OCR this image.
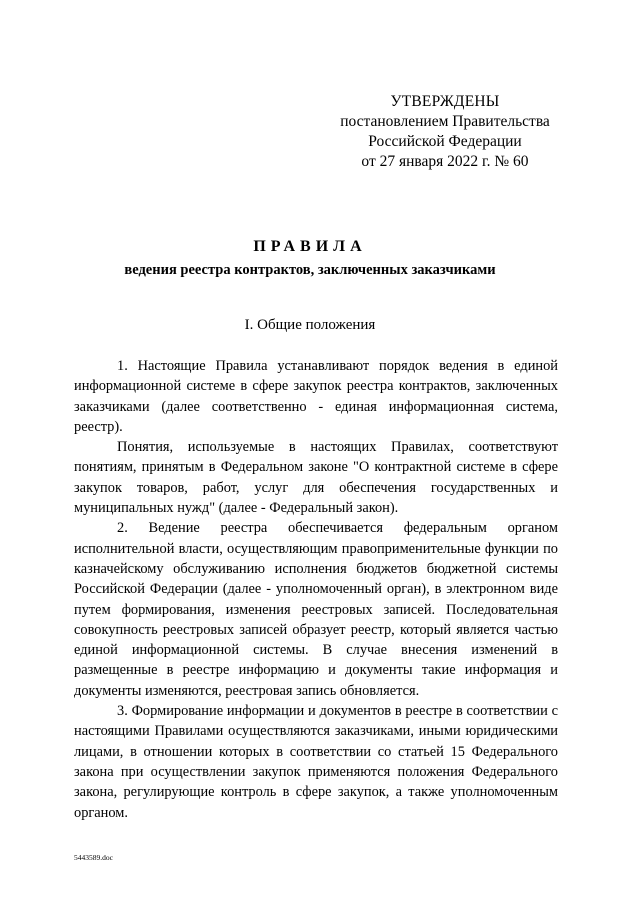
УТВЕРЖДЕНЫ
постановлением Правительства
Российской Федерации
от 27 января 2022 г. № 60
ПРАВИЛА
ведения реестра контрактов, заключенных заказчиками
I. Общие положения

1. Настоящие Правила устанавливают порядок ведения в единой информационной системе в сфере закупок реестра контрактов, заключенных заказчиками (далее соответственно - единая информационная система, реестр).

Понятия, используемые в настоящих Правилах, соответствуют понятиям, принятым в Федеральном законе "О контрактной системе в сфере закупок товаров, работ, услуг для обеспечения государственных и муниципальных нужд" (далее - Федеральный закон).

2. Ведение реестра обеспечивается федеральным органом исполнительной власти, осуществляющим правоприменительные функции по казначейскому обслуживанию исполнения бюджетов бюджетной системы Российской Федерации (далее - уполномоченный орган), в электронном виде путем формирования, изменения реестровых записей. Последовательная совокупность реестровых записей образует реестр, который является частью единой информационной системы. В случае внесения изменений в размещенные в реестре информацию и документы такие информация и документы изменяются, реестровая запись обновляется.

3. Формирование информации и документов в реестре в соответствии с настоящими Правилами осуществляются заказчиками, иными юридическими лицами, в отношении которых в соответствии со статьей 15 Федерального закона при осуществлении закупок применяются положения Федерального закона, регулирующие контроль в сфере закупок, а также уполномоченным органом.

5443589.doc
